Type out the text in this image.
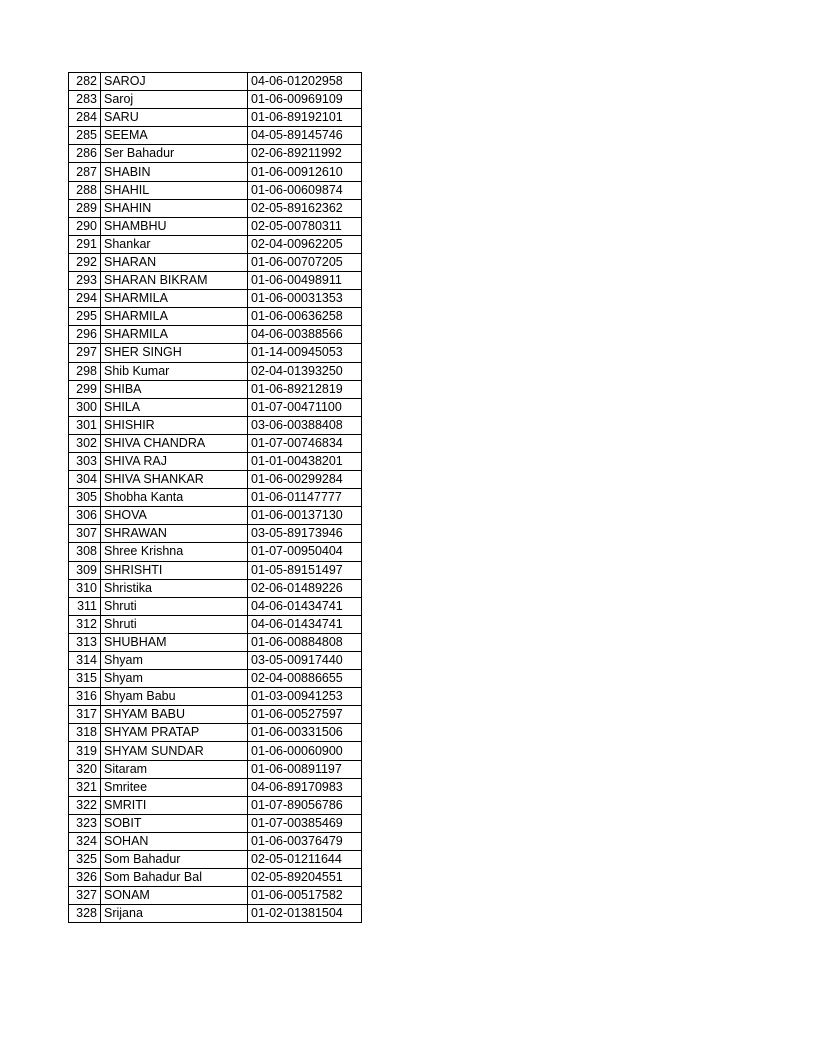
282	SAROJ	04-06-01202958
283	Saroj	01-06-00969109
284	SARU	01-06-89192101
285	SEEMA	04-05-89145746
286	Ser Bahadur	02-06-89211992
287	SHABIN	01-06-00912610
288	SHAHIL	01-06-00609874
289	SHAHIN	02-05-89162362
290	SHAMBHU	02-05-00780311
291	Shankar	02-04-00962205
292	SHARAN	01-06-00707205
293	SHARAN BIKRAM	01-06-00498911
294	SHARMILA	01-06-00031353
295	SHARMILA	01-06-00636258
296	SHARMILA	04-06-00388566
297	SHER SINGH	01-14-00945053
298	Shib Kumar	02-04-01393250
299	SHIBA	01-06-89212819
300	SHILA	01-07-00471100
301	SHISHIR	03-06-00388408
302	SHIVA CHANDRA	01-07-00746834
303	SHIVA RAJ	01-01-00438201
304	SHIVA SHANKAR	01-06-00299284
305	Shobha Kanta	01-06-01147777
306	SHOVA	01-06-00137130
307	SHRAWAN	03-05-89173946
308	Shree Krishna	01-07-00950404
309	SHRISHTI	01-05-89151497
310	Shristika	02-06-01489226
311	Shruti	04-06-01434741
312	Shruti	04-06-01434741
313	SHUBHAM	01-06-00884808
314	Shyam	03-05-00917440
315	Shyam	02-04-00886655
316	Shyam Babu	01-03-00941253
317	SHYAM BABU	01-06-00527597
318	SHYAM PRATAP	01-06-00331506
319	SHYAM SUNDAR	01-06-00060900
320	Sitaram	01-06-00891197
321	Smritee	04-06-89170983
322	SMRITI	01-07-89056786
323	SOBIT	01-07-00385469
324	SOHAN	01-06-00376479
325	Som Bahadur	02-05-01211644
326	Som Bahadur Bal	02-05-89204551
327	SONAM	01-06-00517582
328	Srijana	01-02-01381504
